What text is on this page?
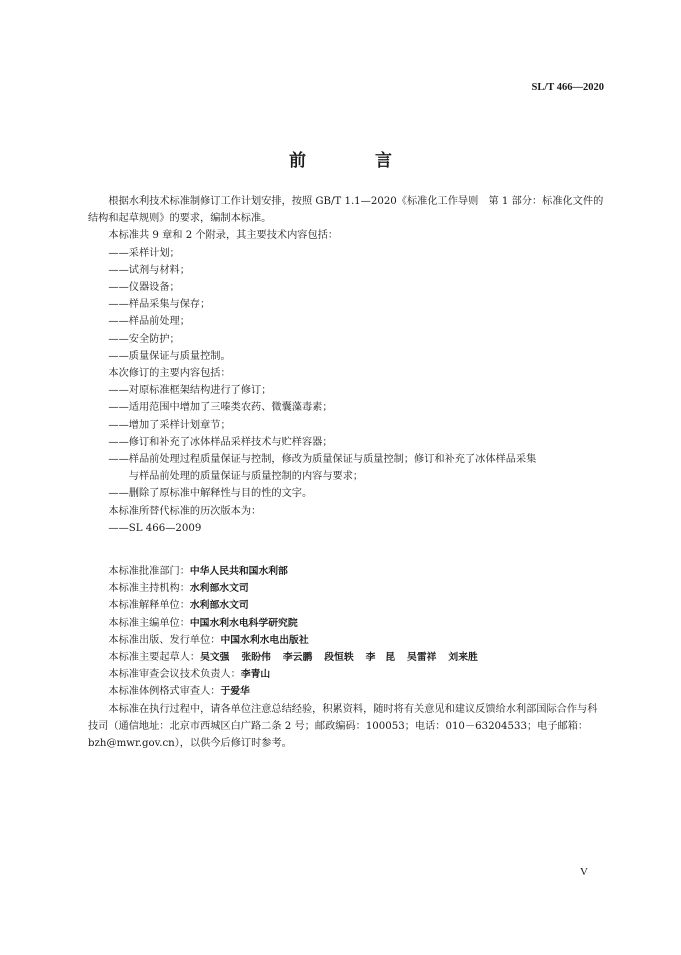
SL/T 466—2020
前　言

根据水利技术标准制修订工作计划安排，按照 GB/T 1.1—2020《标准化工作导则　第 1 部分：标准化文件的结构和起草规则》的要求，编制本标准。

本标准共 9 章和 2 个附录，其主要技术内容包括：

——采样计划；

——试剂与材料；

——仪器设备；

——样品采集与保存；

——样品前处理；

——安全防护；

——质量保证与质量控制。

本次修订的主要内容包括：

——对原标准框架结构进行了修订；

——适用范围中增加了三嗪类农药、微囊藻毒素；

——增加了采样计划章节；

——修订和补充了冰体样品采样技术与贮样容器；

——样品前处理过程质量保证与控制，修改为质量保证与质量控制；修订和补充了冰体样品采集
与样品前处理的质量保证与质量控制的内容与要求；

——删除了原标准中解释性与目的性的文字。

本标准所替代标准的历次版本为：

——SL 466—2009

本标准批准部门：中华人民共和国水利部

本标准主持机构：水利部水文司

本标准解释单位：水利部水文司

本标准主编单位：中国水利水电科学研究院

本标准出版、发行单位：中国水利水电出版社

本标准主要起草人：吴文强 张盼伟 李云鹏 段恒轶 李　昆 吴雷祥 刘来胜

本标准审查会议技术负责人：李青山

本标准体例格式审查人：于爱华

本标准在执行过程中，请各单位注意总结经验，积累资料，随时将有关意见和建议反馈给水利部国际合作与科技司（通信地址：北京市西城区白广路二条 2 号；邮政编码：100053；电话：010－63204533；电子邮箱：bzh@mwr.gov.cn），以供今后修订时参考。

V
